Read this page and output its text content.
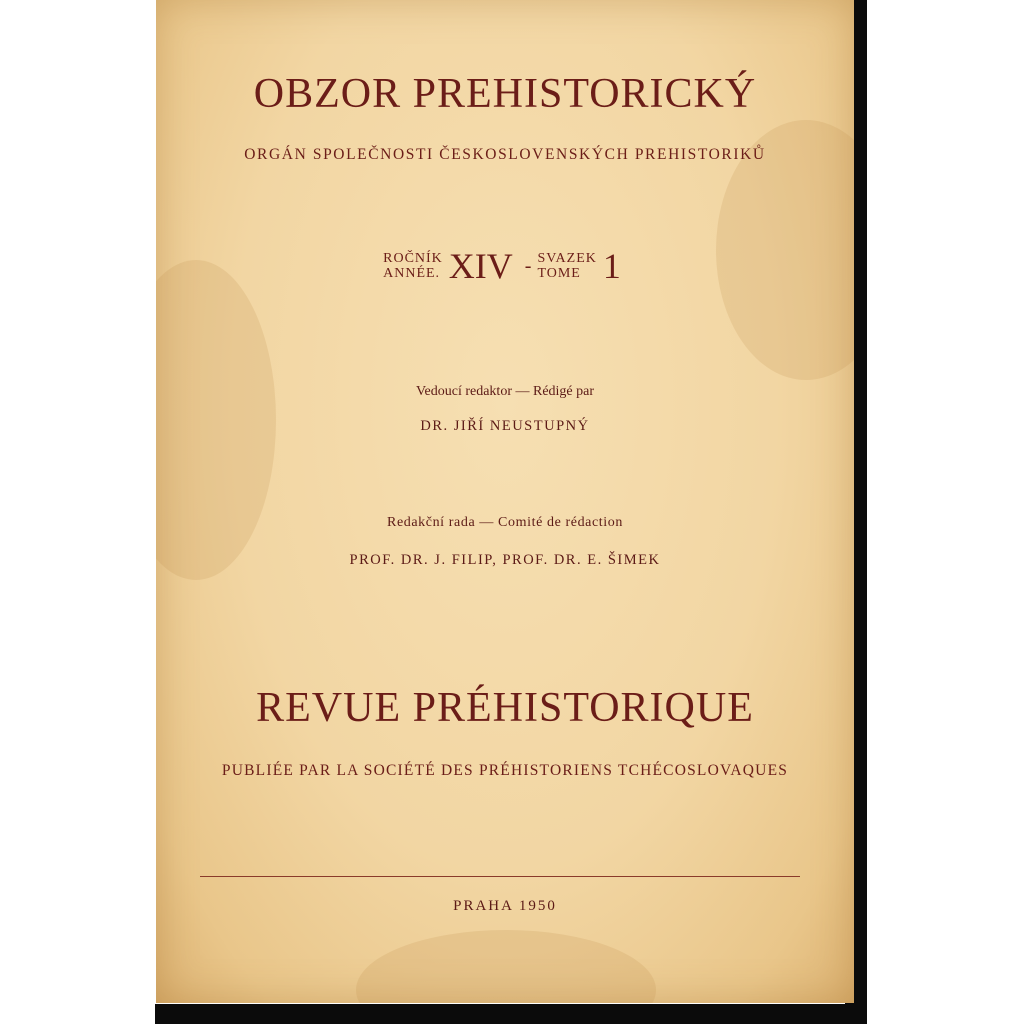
OBZOR PREHISTORICKÝ
ORGÁN SPOLEČNOSTI ČESKOSLOVENSKÝCH PREHISTORIKŮ
ROČNÍK
ANNÉE. XIV - SVAZEK
TOME 1
Vedoucí redaktor — Rédigé par
DR. JIŘÍ NEUSTUPNÝ
Redakční rada — Comité de rédaction
PROF. DR. J. FILIP, PROF. DR. E. ŠIMEK
REVUE PRÉHISTORIQUE
PUBLIÉE PAR LA SOCIÉTÉ DES PRÉHISTORIENS TCHÉCOSLOVAQUES
PRAHA 1950
